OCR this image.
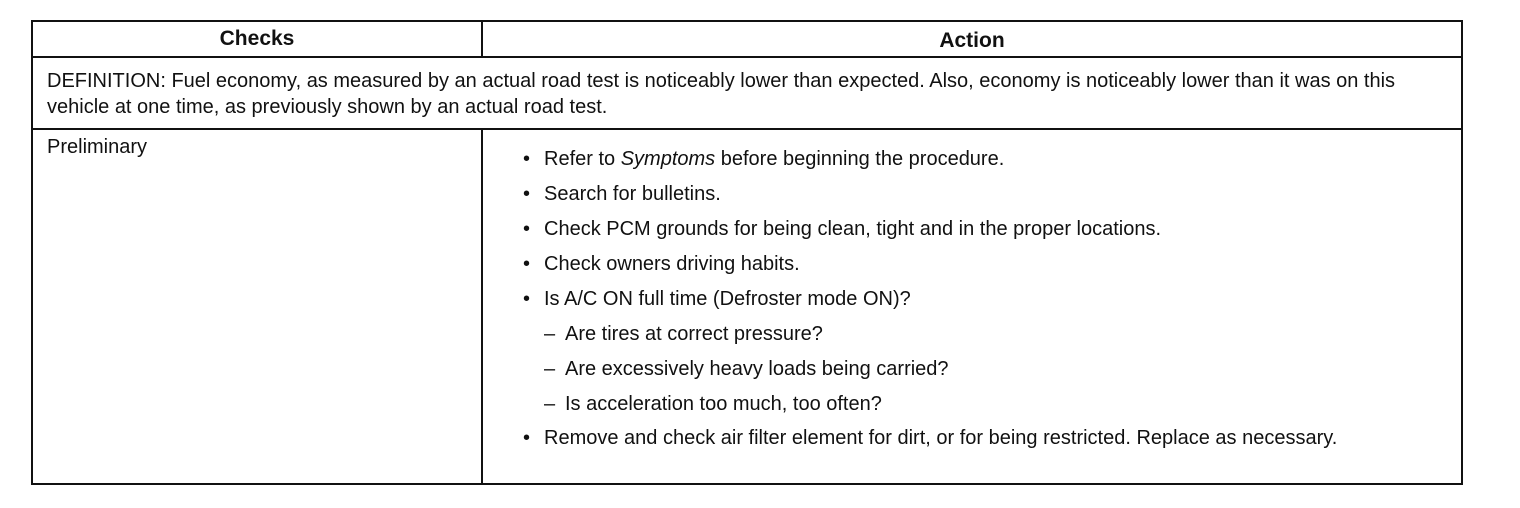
Checks	Action
DEFINITION: Fuel economy, as measured by an actual road test is noticeably lower than expected. Also, economy is noticeably lower than it was on this vehicle at one time, as previously shown by an actual road test.
Preliminary
• Refer to Symptoms before beginning the procedure.
• Search for bulletins.
• Check PCM grounds for being clean, tight and in the proper locations.
• Check owners driving habits.
• Is A/C ON full time (Defroster mode ON)?
– Are tires at correct pressure?
– Are excessively heavy loads being carried?
– Is acceleration too much, too often?
• Remove and check air filter element for dirt, or for being restricted. Replace as necessary.
